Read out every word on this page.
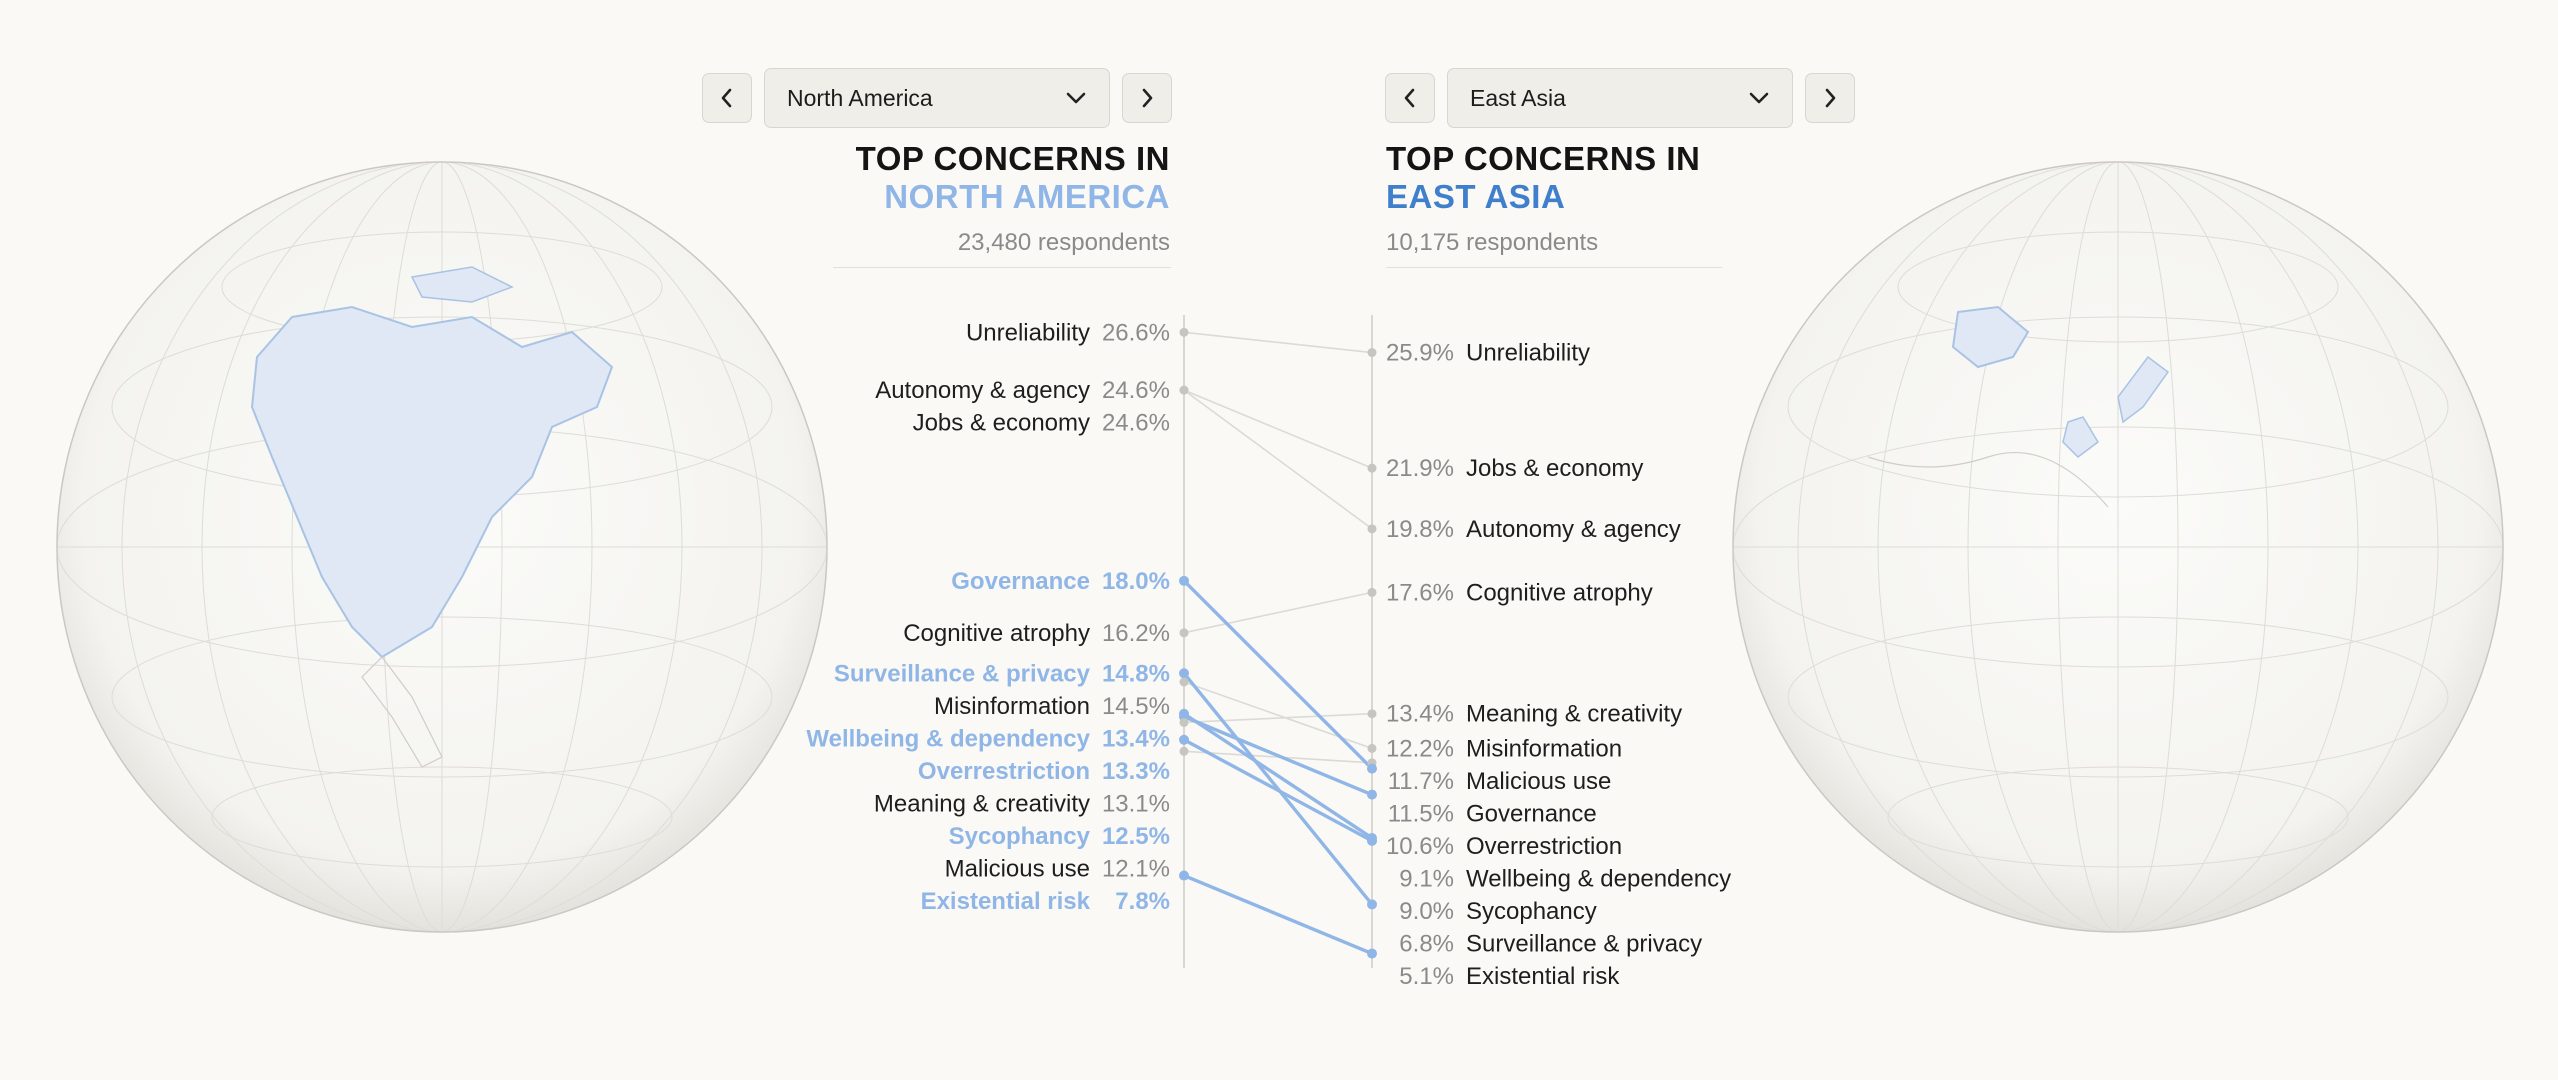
North America	East Asia
TOP CONCERNS IN
NORTH AMERICA
23,480 respondents
TOP CONCERNS IN
EAST ASIA
10,175 respondents
Unreliability 26.6%
Autonomy & agency 24.6%
Jobs & economy 24.6%
Governance 18.0%
Cognitive atrophy 16.2%
Surveillance & privacy 14.8%
Misinformation 14.5%
Wellbeing & dependency 13.4%
Overrestriction 13.3%
Meaning & creativity 13.1%
Sycophancy 12.5%
Malicious use 12.1%
Existential risk 7.8%
25.9% Unreliability
21.9% Jobs & economy
19.8% Autonomy & agency
17.6% Cognitive atrophy
13.4% Meaning & creativity
12.2% Misinformation
11.7% Malicious use
11.5% Governance
10.6% Overrestriction
9.1% Wellbeing & dependency
9.0% Sycophancy
6.8% Surveillance & privacy
5.1% Existential risk
